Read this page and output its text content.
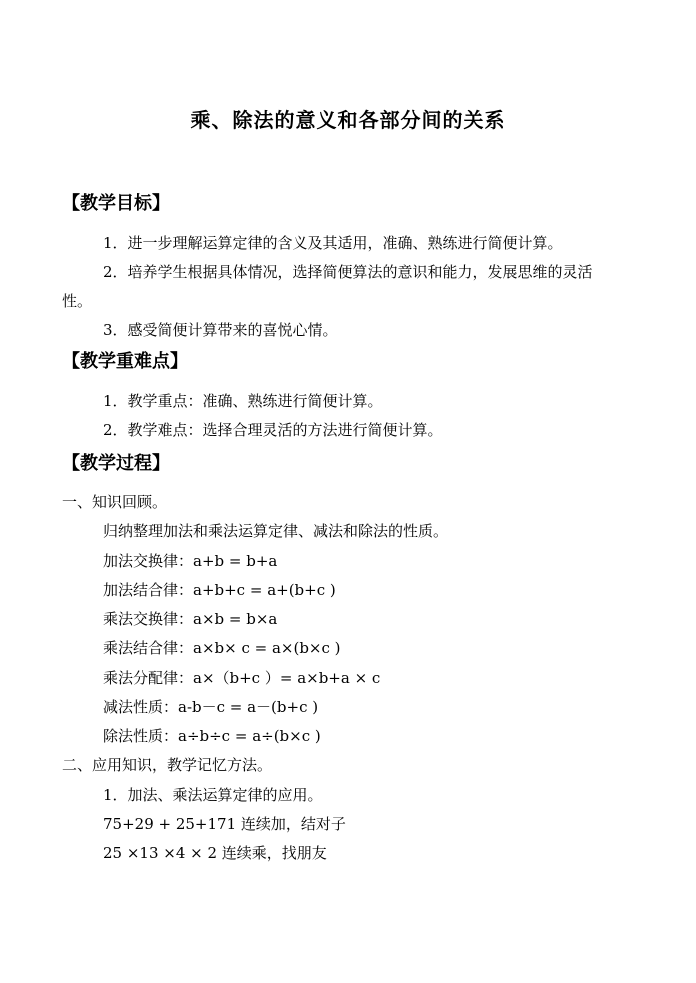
乘、除法的意义和各部分间的关系
【教学目标】
1．进一步理解运算定律的含义及其适用，准确、熟练进行简便计算。
2．培养学生根据具体情况，选择简便算法的意识和能力，发展思维的灵活
性。
3．感受简便计算带来的喜悦心情。
【教学重难点】
1．教学重点：准确、熟练进行简便计算。
2．教学难点：选择合理灵活的方法进行简便计算。
【教学过程】
一、知识回顾。
归纳整理加法和乘法运算定律、减法和除法的性质。
加法交换律：a+b = b+a
加法结合律：a+b+c = a+(b+c )
乘法交换律：a×b = b×a
乘法结合律：a×b× c = a×(b×c )
乘法分配律：a×（b+c ）= a×b+a × c
减法性质：a-b－c = a－(b+c )
除法性质：a÷b÷c = a÷(b×c )
二、应用知识，教学记忆方法。
1．加法、乘法运算定律的应用。
75+29 + 25+171 连续加，结对子
25 ×13 ×4 × 2 连续乘，找朋友
